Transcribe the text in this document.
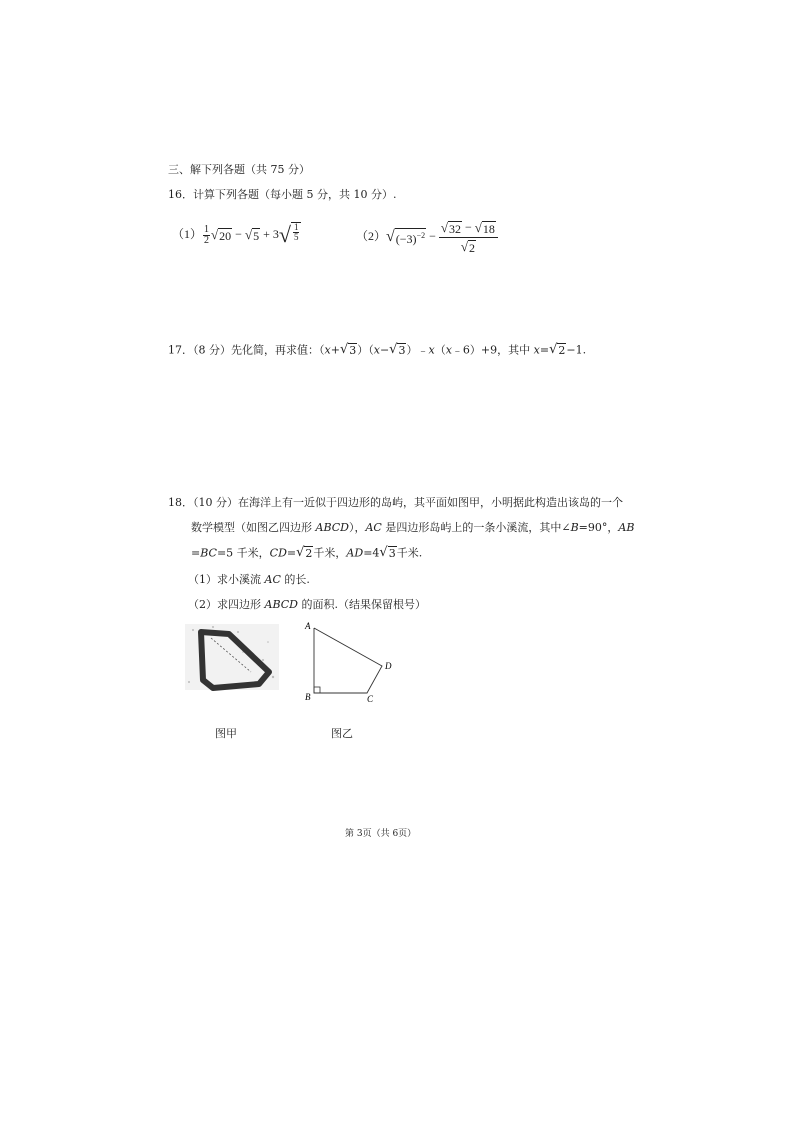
三、解下列各题（共 75 分）
16．计算下列各题（每小题 5 分，共 10 分）.
$(1) \frac{1}{2}$ √ 20 − √ 5 + 3 √ $\frac{1}{5}$	（2） √ $(-3)^{-2} - \frac{√ 32 - √ 18}{√ 2}$
17．（8 分）先化简，再求值：（x+ √ 3 ）（x− √ 3 ）﹣x（x﹣6）+9，其中 x= √ 2 −1.
18．（10 分）在海洋上有一近似于四边形的岛屿，其平面如图甲，小明据此构造出该岛的一个
数学模型（如图乙四边形 ABCD），AC 是四边形岛屿上的一条小溪流，其中∠B=90°，AB
=BC=5 千米，CD= √ 2 千米，AD=4 √ 3 千米.
（1）求小溪流 AC 的长.
（2）求四边形 ABCD 的面积.（结果保留根号）
图甲
A
B	C
D
图乙
第 3页（共 6页）
